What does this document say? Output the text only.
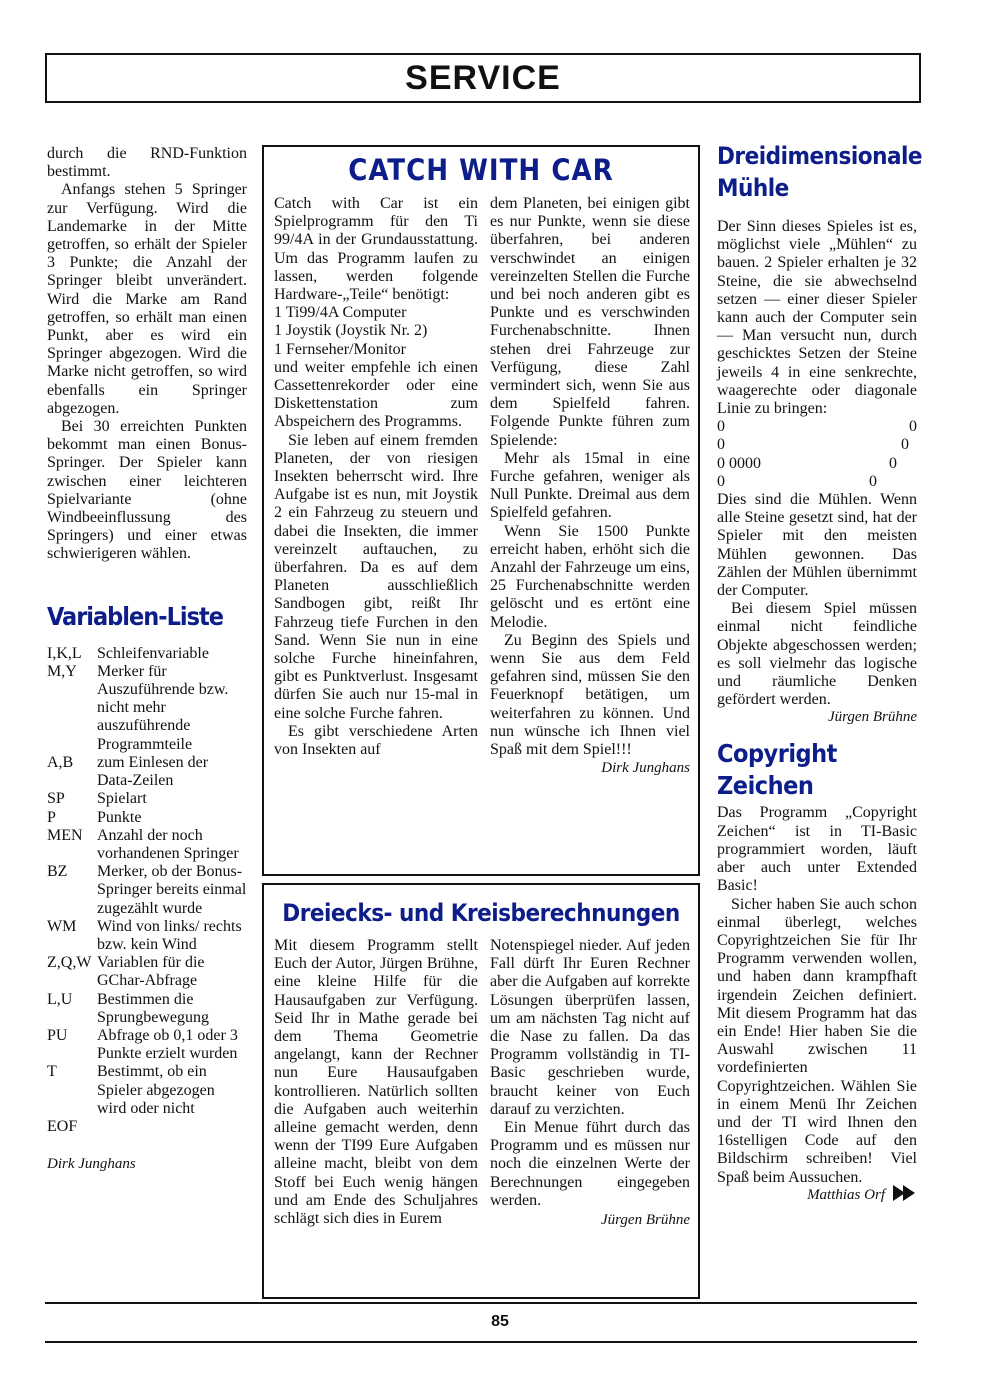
SERVICE

durch die RND-Funktion bestimmt.

Anfangs stehen 5 Springer zur Verfügung. Wird die Landemarke in der Mitte getroffen, so erhält der Spieler 3 Punkte; die Anzahl der Springer bleibt unverändert. Wird die Marke am Rand getroffen, so erhält man einen Punkt, aber es wird ein Springer abgezogen. Wird die Marke nicht getroffen, so wird ebenfalls ein Springer abgezogen.

Bei 30 erreichten Punkten bekommt man einen Bonus-Springer. Der Spieler kann zwischen einer leichteren Spielvariante (ohne Windbeeinflussung des Springers) und einer etwas schwierigeren wählen.

Variablen-Liste
I,K,L	Schleifenvariable
M,Y	Merker für Auszuführende bzw. nicht mehr auszuführende Programmteile
A,B	zum Einlesen der Data-Zeilen
SP	Spielart
P	Punkte
MEN	Anzahl der noch vorhandenen Springer
BZ	Merker, ob der Bonus-Springer bereits einmal zugezählt wurde
WM	Wind von links/ rechts bzw. kein Wind
Z,Q,W	Variablen für die GChar-Abfrage
L,U	Bestimmen die Sprungbewegung
PU	Abfrage ob 0,1 oder 3 Punkte erzielt wurden
T	Bestimmt, ob ein Spieler abgezogen wird oder nicht
EOF	
Dirk Junghans
CATCH WITH CAR

Catch with Car ist ein Spielprogramm für den Ti 99/4A in der Grundausstattung. Um das Programm laufen zu lassen, werden folgende Hardware-„Teile“ benötigt:

1 Ti99/4A Computer

1 Joystik (Joystik Nr. 2)

1 Fernseher/Monitor

und weiter empfehle ich einen Cassettenrekorder oder eine Diskettenstation zum Abspeichern des Programms.

Sie leben auf einem fremden Planeten, der von riesigen Insekten beherrscht wird. Ihre Aufgabe ist es nun, mit Joystik 2 ein Fahrzeug zu steuern und dabei die Insekten, die immer vereinzelt auftauchen, zu überfahren. Da es auf dem Planeten ausschließlich Sandbogen gibt, reißt Ihr Fahrzeug tiefe Furchen in den Sand. Wenn Sie nun in eine solche Furche hineinfahren, gibt es Punktverlust. Insgesamt dürfen Sie auch nur 15-mal in eine solche Furche fahren.

Es gibt verschiedene Arten von Insekten auf

dem Planeten, bei einigen gibt es nur Punkte, wenn sie diese überfahren, bei anderen verschwindet an einigen vereinzelten Stellen die Furche und bei noch anderen gibt es Punkte und es verschwinden Furchenabschnitte. Ihnen stehen drei Fahrzeuge zur Verfügung, diese Zahl vermindert sich, wenn Sie aus dem Spielfeld fahren. Folgende Punkte führen zum Spielende:

Mehr als 15mal in eine Furche gefahren, weniger als Null Punkte. Dreimal aus dem Spielfeld gefahren.

Wenn Sie 1500 Punkte erreicht haben, erhöht sich die Anzahl der Fahrzeuge um eins, 25 Furchenabschnitte werden gelöscht und es ertönt eine Melodie.

Zu Beginn des Spiels und wenn Sie aus dem Feld gefahren sind, müssen Sie den Feuerknopf betätigen, um weiterfahren zu können. Und nun wünsche ich Ihnen viel Spaß mit dem Spiel!!!

Dirk Junghans
Dreiecks- und Kreisberechnungen

Mit diesem Programm stellt Euch der Autor, Jürgen Brühne, eine kleine Hilfe für die Hausaufgaben zur Verfügung. Seid Ihr in Mathe gerade bei dem Thema Geometrie angelangt, kann der Rechner nun Eure Hausaufgaben kontrollieren. Natürlich sollten die Aufgaben auch weiterhin alleine gemacht werden, denn wenn der TI99 Eure Aufgaben alleine macht, bleibt von dem Stoff bei Euch wenig hängen und am Ende des Schuljahres schlägt sich dies in Eurem

Notenspiegel nieder. Auf jeden Fall dürft Ihr Euren Rechner aber die Aufgaben auf korrekte Lösungen überprüfen lassen, um am nächsten Tag nicht auf die Nase zu fallen. Da das Programm vollständig in TI-Basic geschrieben wurde, braucht keiner von Euch darauf zu verzichten.

Ein Menue führt durch das Programm und es müssen nur noch die einzelnen Werte der Berechnungen eingegeben werden.

Jürgen Brühne
Dreidimensionale
Mühle

Der Sinn dieses Spieles ist es, möglichst viele „Mühlen“ zu bauen. 2 Spieler erhalten je 32 Steine, die sie abwechselnd setzen — einer dieser Spieler kann auch der Computer sein — Man versucht nun, durch geschicktes Setzen der Steine jeweils 4 in eine senkrechte, waagerechte oder diagonale Linie zu bringen:

0	0
0	0
0 0000	0
0	0

Dies sind die Mühlen. Wenn alle Steine gesetzt sind, hat der Spieler mit den meisten Mühlen gewonnen. Das Zählen der Mühlen übernimmt der Computer.

Bei diesem Spiel müssen einmal nicht feindliche Objekte abgeschossen werden; es soll vielmehr das logische und räumliche Denken gefördert werden.

Jürgen Brühne
Copyright
Zeichen

Das Programm „Copyright Zeichen“ ist in TI-Basic programmiert worden, läuft aber auch unter Extended Basic!

Sicher haben Sie auch schon einmal überlegt, welches Copyrightzeichen Sie für Ihr Programm verwenden wollen, und haben dann krampfhaft irgendein Zeichen definiert. Mit diesem Programm hat das ein Ende! Hier haben Sie die Auswahl zwischen 11 vordefinierten Copyrightzeichen. Wählen Sie in einem Menü Ihr Zeichen und der TI wird Ihnen den 16stelligen Code auf den Bildschirm schreiben! Viel Spaß beim Aussuchen.

Matthias Orf
85
